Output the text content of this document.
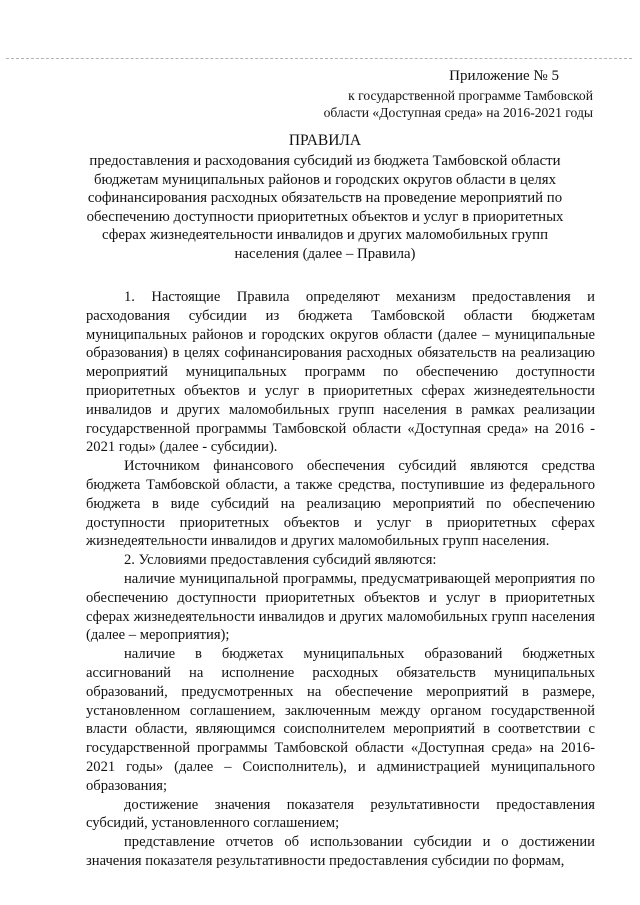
Приложение № 5
к государственной программе Тамбовской
области «Доступная среда» на 2016-2021 годы
ПРАВИЛА
предоставления и расходования субсидий из бюджета Тамбовской области бюджетам муниципальных районов и городских округов области в целях софинансирования расходных обязательств на проведение мероприятий по обеспечению доступности приоритетных объектов и услуг в приоритетных сферах жизнедеятельности инвалидов и других маломобильных групп населения (далее – Правила)

1. Настоящие Правила определяют механизм предоставления и расходования субсидии из бюджета Тамбовской области бюджетам муниципальных районов и городских округов области (далее – муниципальные образования) в целях софинансирования расходных обязательств на реализацию мероприятий муниципальных программ по обеспечению доступности приоритетных объектов и услуг в приоритетных сферах жизнедеятельности инвалидов и других маломобильных групп населения в рамках реализации государственной программы Тамбовской области «Доступная среда» на 2016 - 2021 годы» (далее - субсидии).

Источником финансового обеспечения субсидий являются средства бюджета Тамбовской области, а также средства, поступившие из федерального бюджета в виде субсидий на реализацию мероприятий по обеспечению доступности приоритетных объектов и услуг в приоритетных сферах жизнедеятельности инвалидов и других маломобильных групп населения.

2. Условиями предоставления субсидий являются:

наличие муниципальной программы, предусматривающей мероприятия по обеспечению доступности приоритетных объектов и услуг в приоритетных сферах жизнедеятельности инвалидов и других маломобильных групп населения (далее – мероприятия);

наличие в бюджетах муниципальных образований бюджетных ассигнований на исполнение расходных обязательств муниципальных образований, предусмотренных на обеспечение мероприятий в размере, установленном соглашением, заключенным между органом государственной власти области, являющимся соисполнителем мероприятий в соответствии с государственной программы Тамбовской области «Доступная среда» на 2016-2021 годы» (далее – Соисполнитель), и администрацией муниципального образования;

достижение значения показателя результативности предоставления субсидий, установленного соглашением;

представление отчетов об использовании субсидии и о достижении значения показателя результативности предоставления субсидии по формам,
